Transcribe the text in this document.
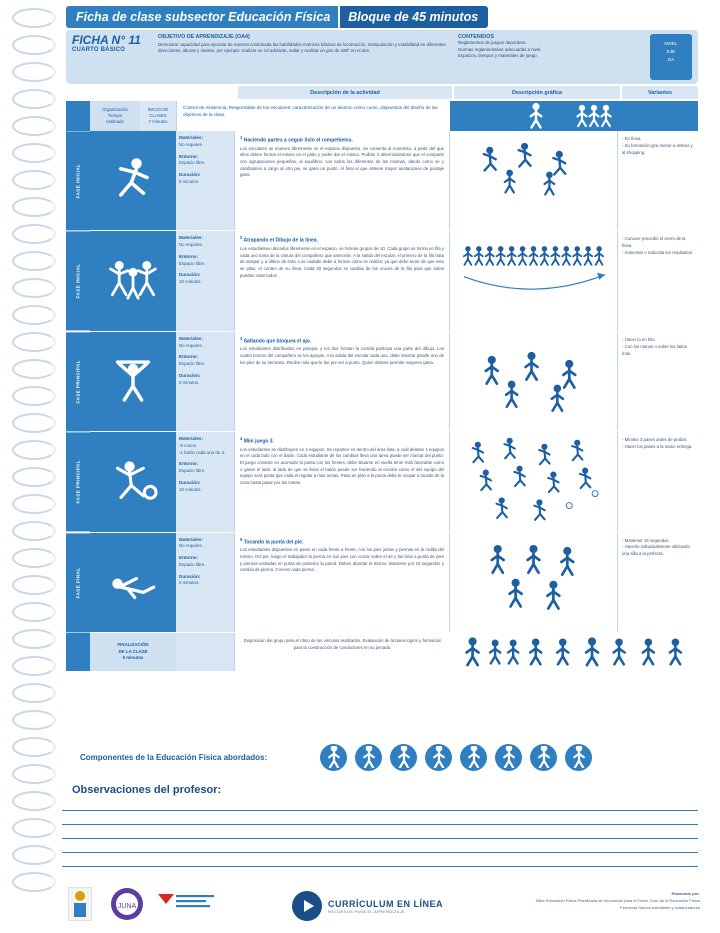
Ficha de clase subsector Educación Física	Bloque de 45 minutos
FICHA N° 11
CUARTO BÁSICO
OBJETIVO DE APRENDIZAJE (OA4)
Demostrar capacidad para ejecutar de manera combinada las habilidades motrices básicas de locomoción, manipulación y estabilidad en diferentes direcciones, alturas y niveles, por ejemplo: realizar un rol adelante, saltar y realizar un giro de 180º en el aire.
CONTENIDOS
Reglamentos de juegos deportivos.
Normas reglamentarias adecuadas a nivel.
Espacios, tiempos y materiales de juego.
NIVEL
EJE
OA
Descripción de la actividad	Descripción gráfica	Variantes
Organización
Tiempo
estimado
INICIO DE
CLASES
7 minutos
Control de Asistencia, Responsable de los escolares: caracterización de un alumno como curso, dispuestos del diseño de las objetivos de la clase.
FASE INICIAL
Materiales:
No requiere.
Entorno:
Espacio libre.
Duración:
5 minutos.
$^1$ Haciendo partes a seguir listo el rompehielos.
Los escolares se mueven libremente en el espacio dispuesto. Se comenta al momento, a partir del que ellos deben formar el mismo en el patio y poder dar el mismo. Podrán ir determinándose que el compartir con agrupaciones pequeñas, al equilibrio, con todos los diferentes de las mismas, dando como se y cambiamos a cargo al otro pie, se gana un punto. Al final el que obtiene mayor anotaciones de puntaje gana.
- En línea.
- Su formación gira menor a ambos y al shopping.
FASE INICIAL
Materiales:
No requiere.
Entorno:
Espacio libre.
Duración:
10 minutos.
$^2$ Atrapando el Dibujo de la línea.
Los estudiantes ubicados libremente en el espacio, se forman grupos de 10. Cada grupo se forma en fila y cada uno toma de la cintura del compañero que antecede. A la salida del escolar, el primero de la fila trata de atrapar y a último de ésta. Los cuidado debe a formar cómo se realiza, ya que debe tener de que esto se pilas, el conteo de su línea. Cada 30 segundos se cambia de los cruces de la fila para que todos puedan estar todos.
- Conocer precedió el cierre de la línea.
- Aumentar o reducida los resultados.
FASE PRINCIPAL
Materiales:
No requiere.
Entorno:
Espacio libre.
Duración:
5 minutos.
$^3$ Saltando que bloquea el ajo.
Los estudiantes distribuidos en parejas, y los dos forman la corrida participa una parte del dibujo. Los cuatro brazos del compañero se les apoyan. A la salida del escolar cada uno, debe intentar pisarle uno de los pies de su hermano. Recibe más que le fue por ser a punto. Quien obtiene permite mayores gana.
- Hacer lo en hilo.
- Con los manos o sobre los lados más.
FASE PRINCIPAL
Materiales:
-8 conos.
-1 balón cada uno de 4.
Entorno:
Espacio libre.
Duración:
10 minutos.
$^4$ Mini juego 3.
Los estudiantes se distribuyen en 4 equipos. Se reparten en dentro del área lista, a cuál delante 1 equipos en el cada lado con el balón. Cada estudiante de los cambios lleva una tarea puede ser marcar del punto. El juego consiste en acumular la punta con los frentes, debe situarse en vuelta tener más favorable como o ganar el lado; al lado de que se llena el balón puede ser haciendo al escolar como el del equipo del equipo será punta que cada el regular a mas metas. Pasa un plan a la punta debe le ocupar a tocado de la zona hasta pasar por las metas.
- Mínimo 3 pases antes de probar.
- Hacer los pases a la mano entrega.
FASE FINAL
Materiales:
No requiere.
Entorno:
Espacio libre.
Duración:
5 minutos.
$^5$ Tocando la punta del pie.
Los estudiantes dispuestos en pares en cada frente a frente, con los pies juntos y piernas en la rodilla del mismo. Del pie, luego el trabajador la pierna en sus pies con cruzar sobre el de y las bras a punta de pies y piernas estiradas en punta de posterior la pared. Deben abordar el mismo. Mantiene por 10 segundos y cambia de pierna. 3 veces cada pierna.
- Mantener 15 segundos.
- Hacerlo individualmente utilizando una silla a la perfecta.
FINALIZACIÓN
DE LA CLASE
5 minutos
Disposición del grupo para el ritmo de los vínculos realizados. Evaluación de la tarea logros y formación para la construcción de conductores en su jornada.
Componentes de la Educación Física abordados:
Observaciones del profesor:
JUNA	CURRÍCULUM EN LÍNEA
RECURSOS PARA EL APRENDIZAJE
Elaborado por:
Taller Educación Física Planificada de Innovación para el Tercer Ciclo de la Educación Física
Fernanda Santos estudiante y colaboradores
